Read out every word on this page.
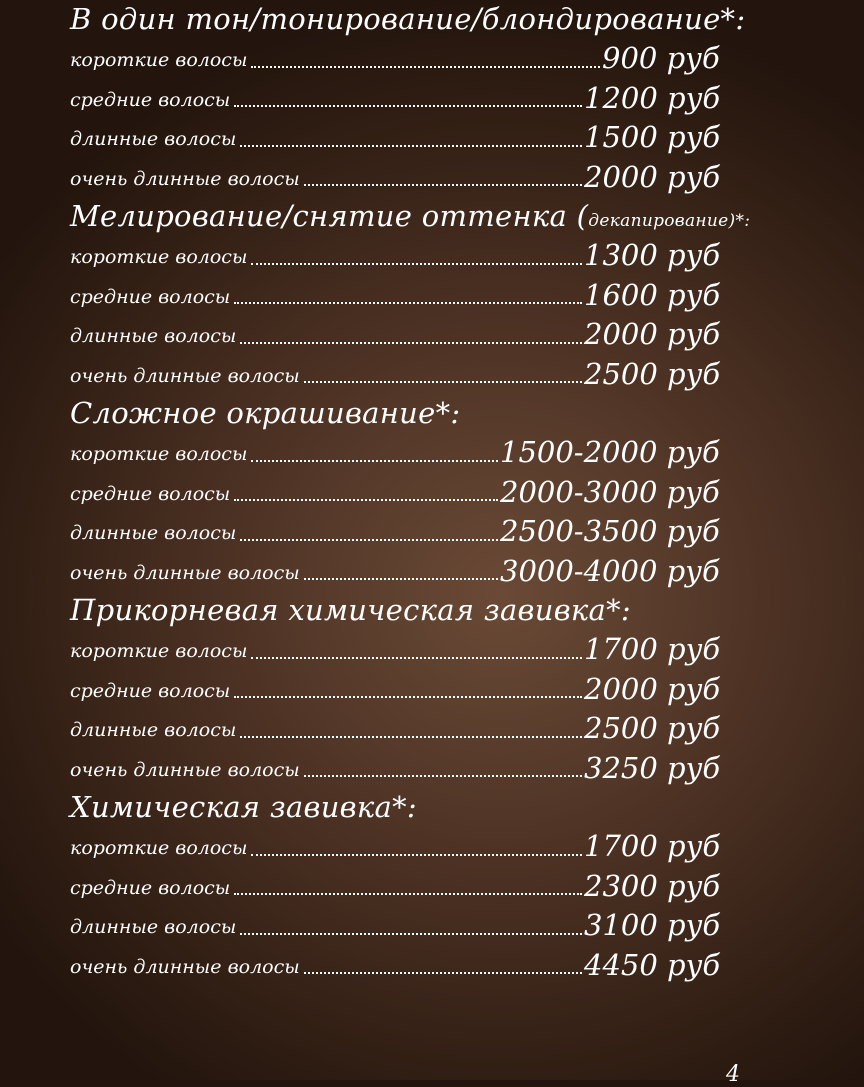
В один тон/тонирование/блондирование*:
короткие волосы	900 руб
средние волосы	1200 руб
длинные волосы	1500 руб
очень длинные волосы	2000 руб
Мелирование/снятие оттенка (декапирование)*:
короткие волосы	1300 руб
средние волосы	1600 руб
длинные волосы	2000 руб
очень длинные волосы	2500 руб
Сложное окрашивание*:
короткие волосы	1500-2000 руб
средние волосы	2000-3000 руб
длинные волосы	2500-3500 руб
очень длинные волосы	3000-4000 руб
Прикорневая химическая завивка*:
короткие волосы	1700 руб
средние волосы	2000 руб
длинные волосы	2500 руб
очень длинные волосы	3250 руб
Химическая завивка*:
короткие волосы	1700 руб
средние волосы	2300 руб
длинные волосы	3100 руб
очень длинные волосы	4450 руб
4
